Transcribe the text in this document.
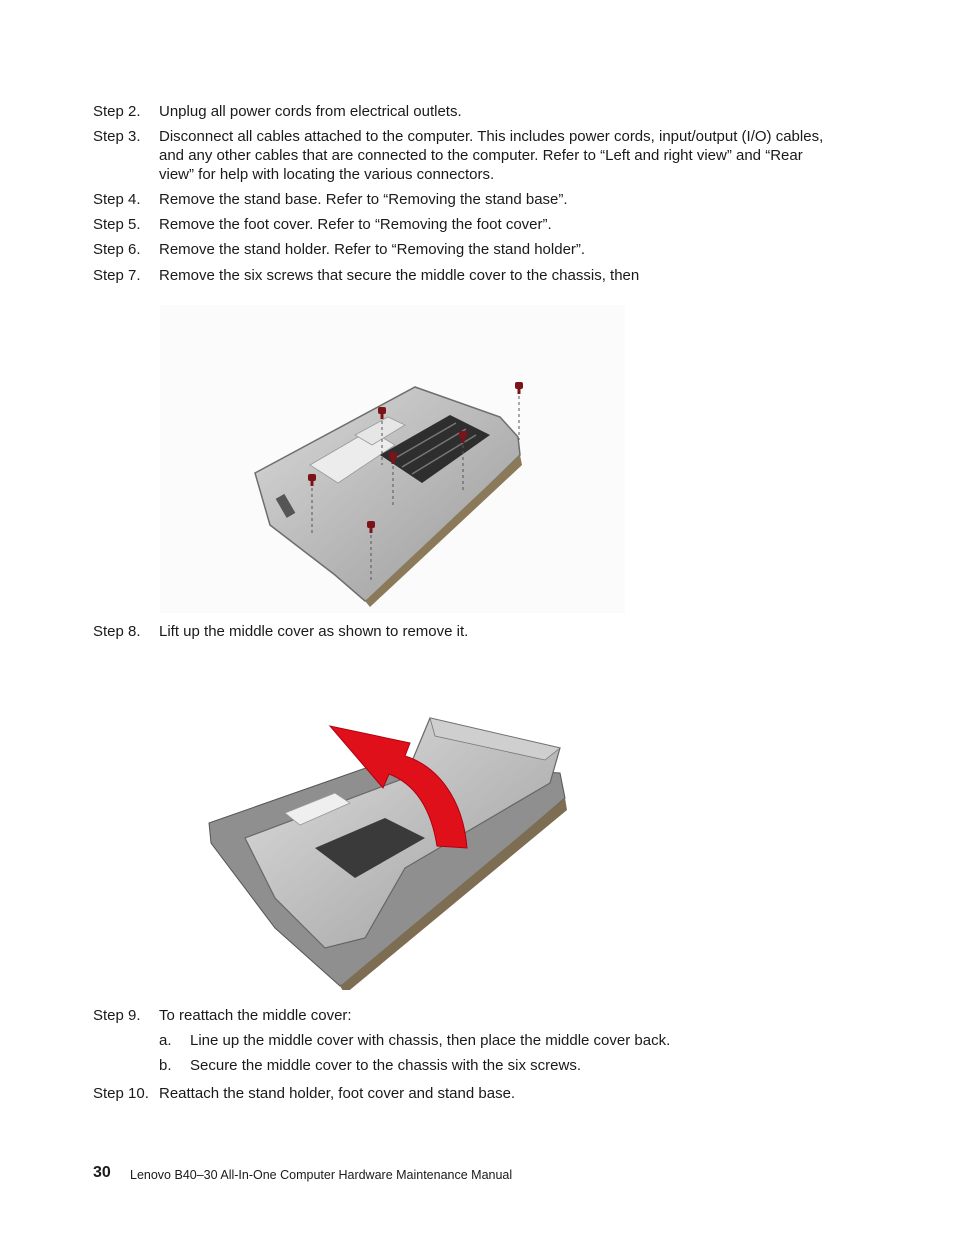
Step 2. Unplug all power cords from electrical outlets.
Step 3. Disconnect all cables attached to the computer. This includes power cords, input/output (I/O) cables, and any other cables that are connected to the computer. Refer to “Left and right view” and “Rear view” for help with locating the various connectors.
Step 4. Remove the stand base. Refer to “Removing the stand base”.
Step 5. Remove the foot cover. Refer to “Removing the foot cover”.
Step 6. Remove the stand holder. Refer to “Removing the stand holder”.
Step 7. Remove the six screws that secure the middle cover to the chassis, then
Step 8. Lift up the middle cover as shown to remove it.
Step 9. To reattach the middle cover:
a. Line up the middle cover with chassis, then place the middle cover back.
b. Secure the middle cover to the chassis with the six screws.
Step 10. Reattach the stand holder, foot cover and stand base.
30 Lenovo B40–30 All-In-One Computer Hardware Maintenance Manual
